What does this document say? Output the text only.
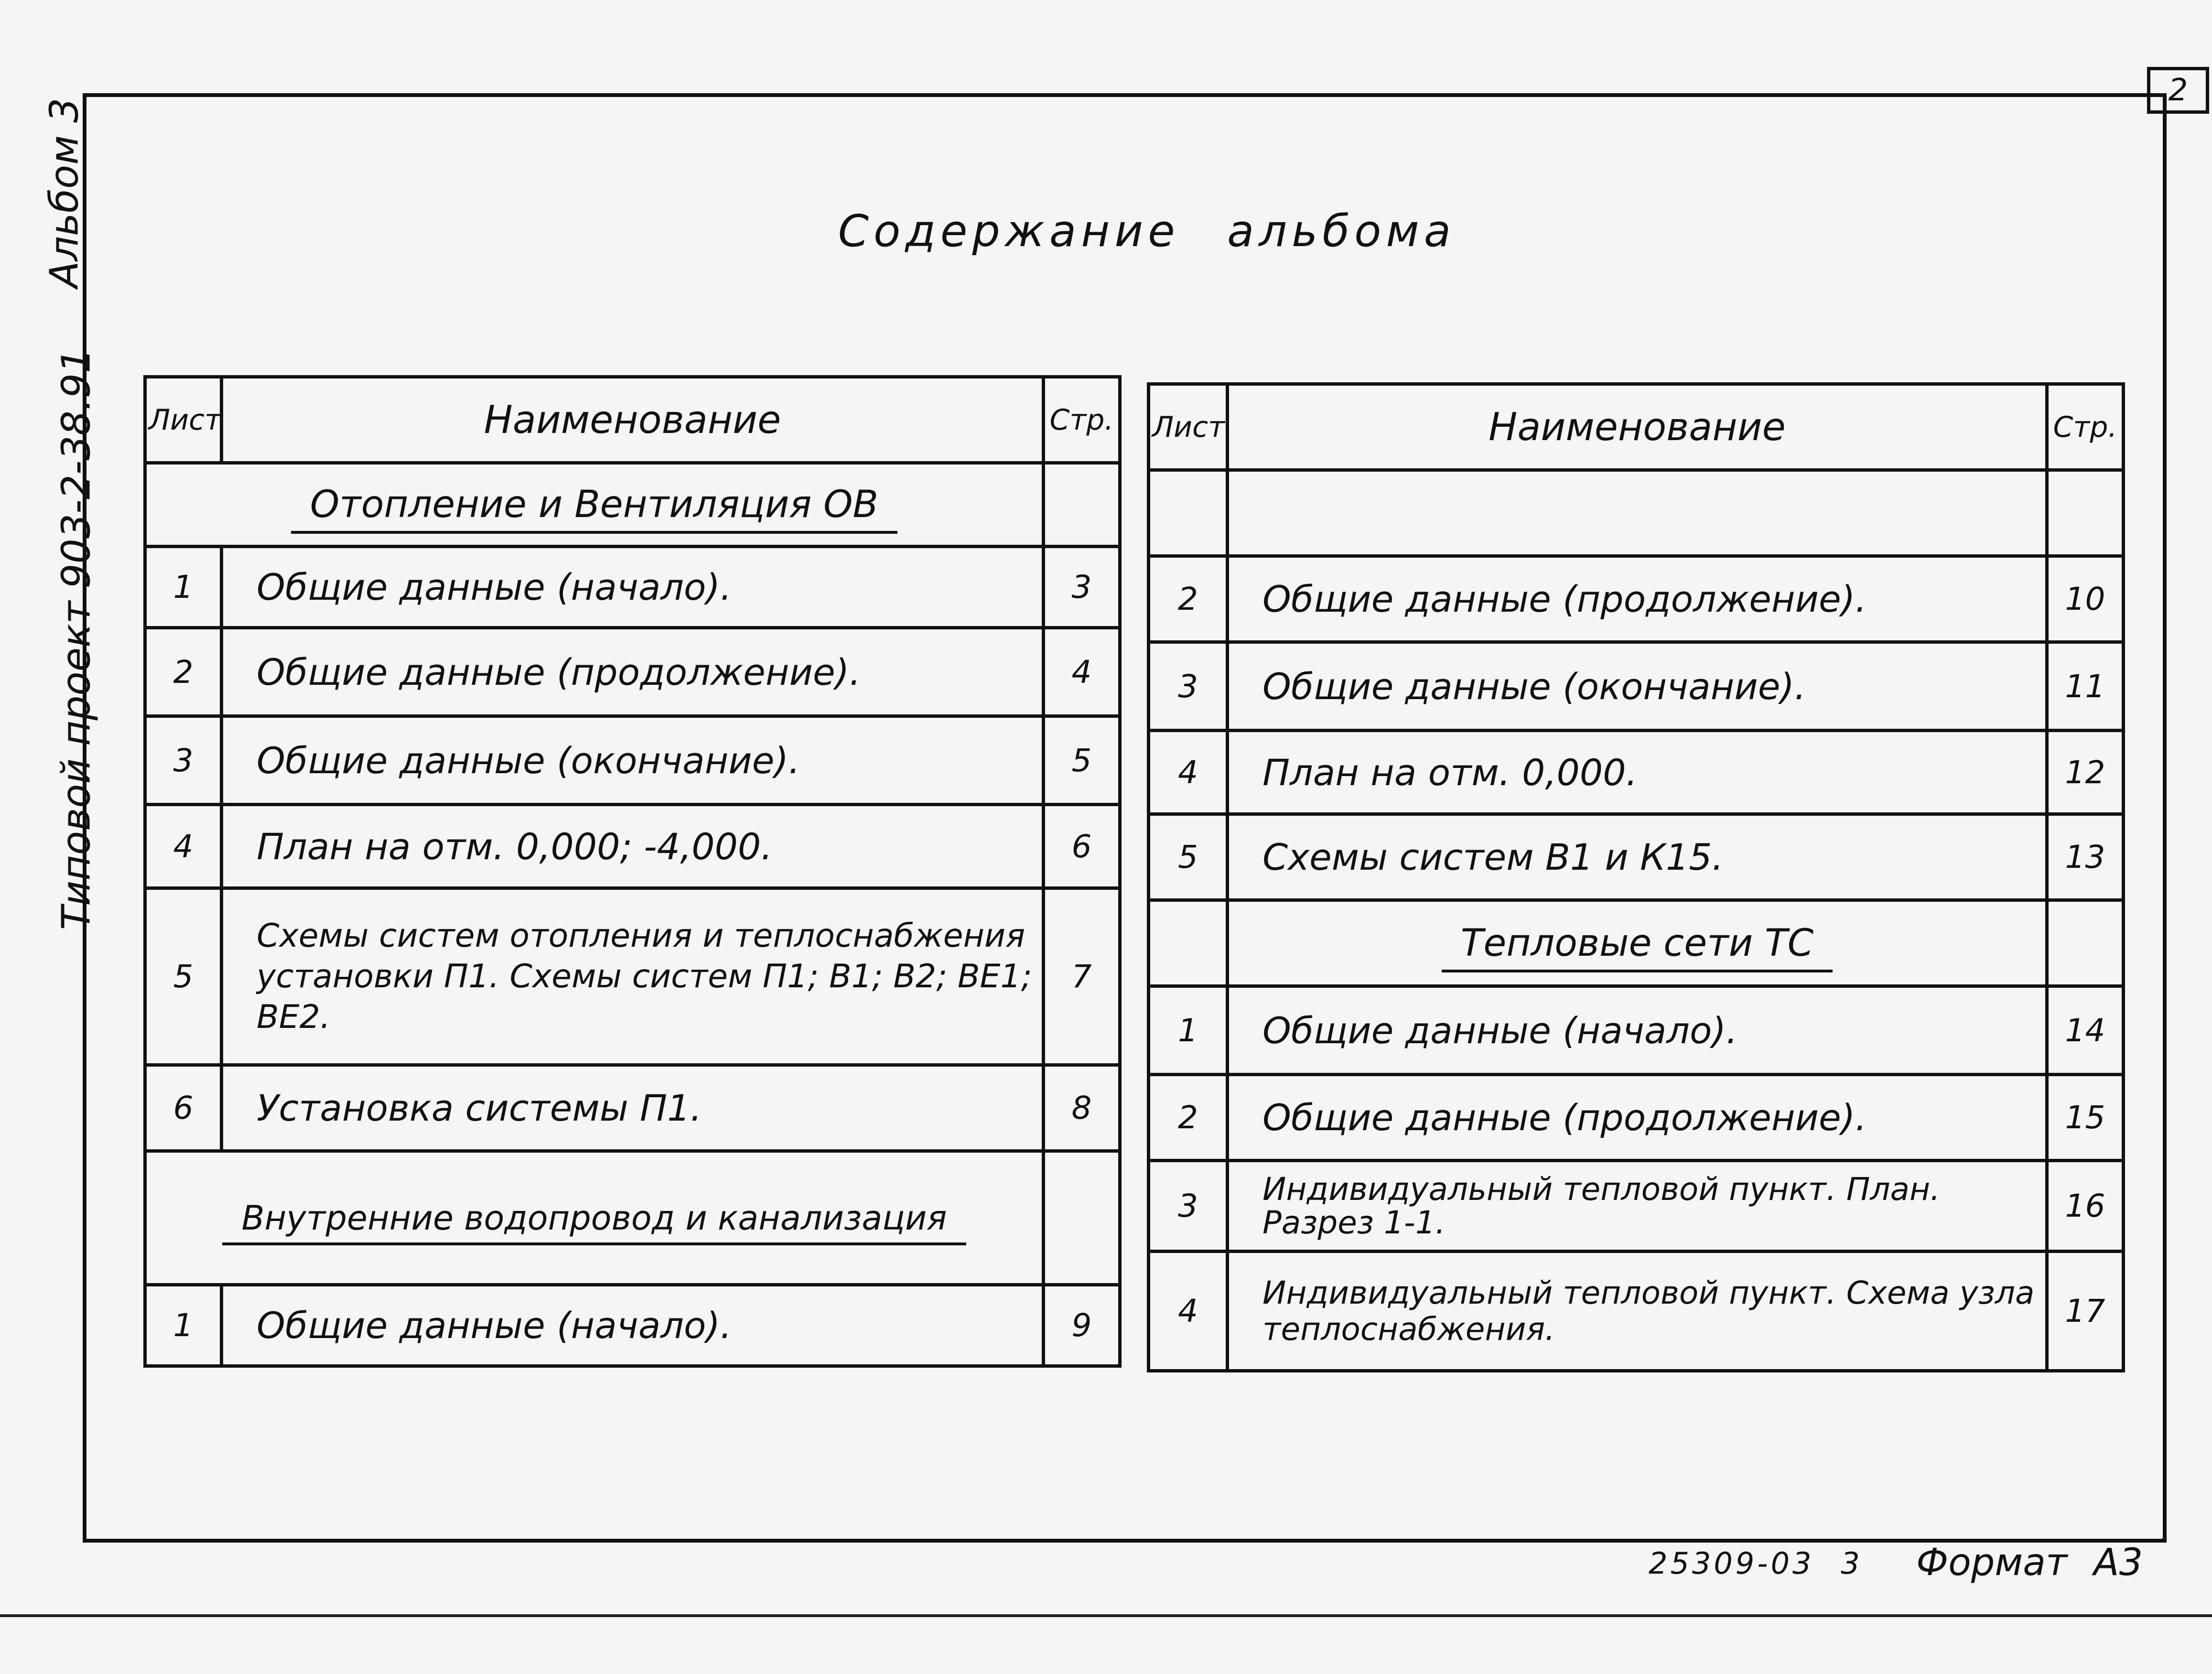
2
Альбом 3
Типовой проект 903-2-38.91
Содержание альбома
Лист	Наименование	Стр.
Отопление и Вентиляция ОВ		
1	Общие данные (начало).	3
2	Общие данные (продолжение).	4
3	Общие данные (окончание).	5
4	План на отм. 0,000; -4,000.	6
5	Схемы систем отопления и теплоснабжения установки П1. Схемы систем П1; В1; В2; ВЕ1; ВЕ2.	7
6	Установка системы П1.	8
Внутренние водопровод и канализация		
1	Общие данные (начало).	9
Лист	Наименование	Стр.

2	Общие данные (продолжение).	10
3	Общие данные (окончание).	11
4	План на отм. 0,000.	12
5	Схемы систем В1 и К15.	13
	Тепловые сети ТС	
1	Общие данные (начало).	14
2	Общие данные (продолжение).	15
3	Индивидуальный тепловой пункт. План. Разрез 1-1.	16
4	Индивидуальный тепловой пункт. Схема узла теплоснабжения.	17
25309-03 3 Формат А3
